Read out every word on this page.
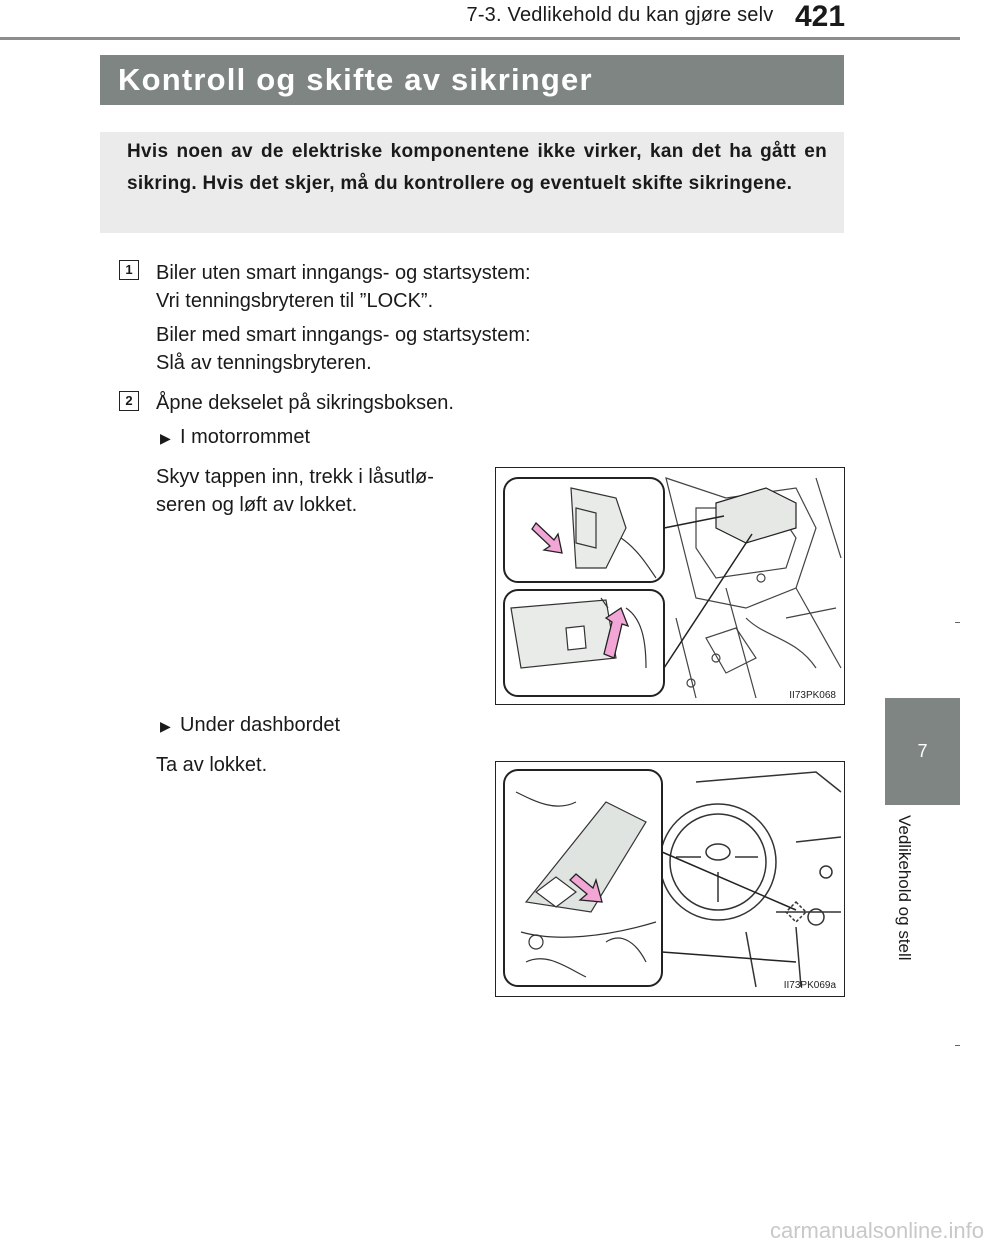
7-3. Vedlikehold du kan gjøre selv 421
7
Vedlikehold og stell
Kontroll og skifte av sikringer

Hvis noen av de elektriske komponentene ikke virker, kan det ha gått en sikring. Hvis det skjer, må du kontrollere og eventuelt skifte sikringene.

1	Biler uten smart inngangs- og startsystem:
Vri tenningsbryteren til ”LOCK”.
Biler med smart inngangs- og startsystem:
Slå av tenningsbryteren.
2	Åpne dekselet på sikringsboksen.
▶ I motorrommet
Skyv tappen inn, trekk i låsutlø-
seren og løft av lokket.
II73PK068
▶ Under dashbordet
Ta av lokket.
II73PK069a
carmanualsonline.info
